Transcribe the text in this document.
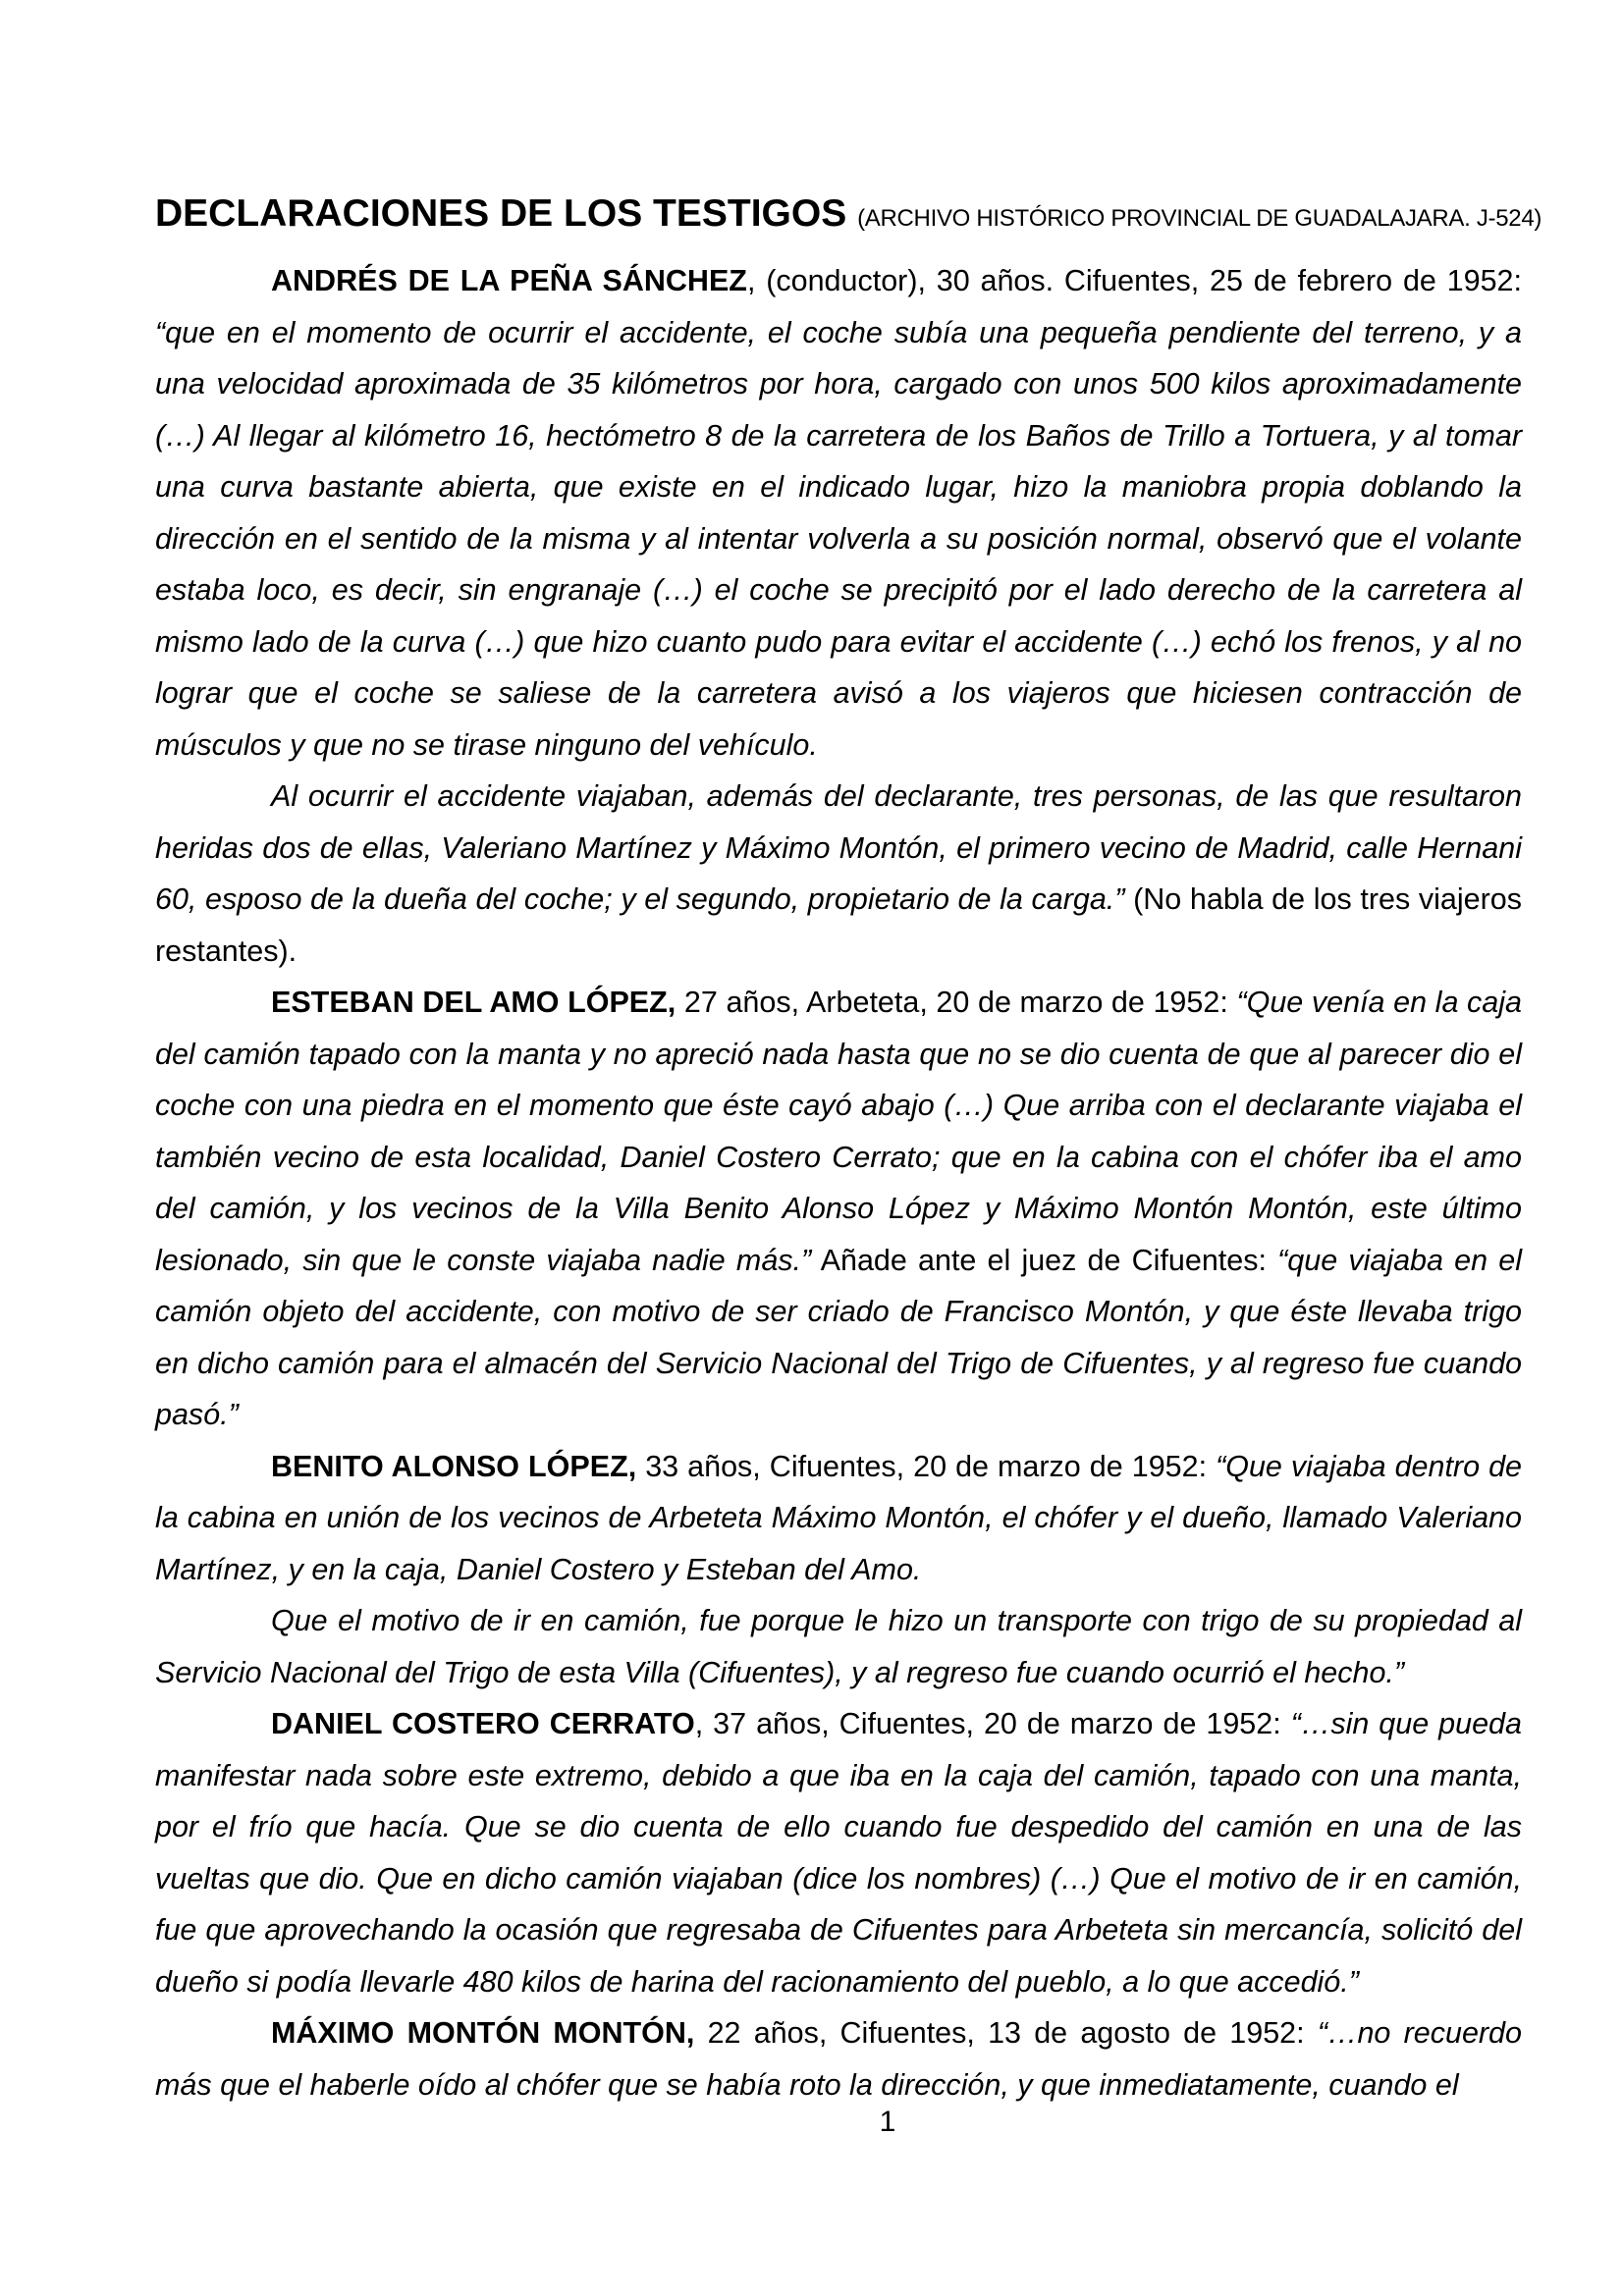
DECLARACIONES DE LOS TESTIGOS (ARCHIVO HISTÓRICO PROVINCIAL DE GUADALAJARA. J-524)

ANDRÉS DE LA PEÑA SÁNCHEZ, (conductor), 30 años. Cifuentes, 25 de febrero de 1952: “que en el momento de ocurrir el accidente, el coche subía una pequeña pendiente del terreno, y a una velocidad aproximada de 35 kilómetros por hora, cargado con unos 500 kilos aproximadamente (…) Al llegar al kilómetro 16, hectómetro 8 de la carretera de los Baños de Trillo a Tortuera, y al tomar una curva bastante abierta, que existe en el indicado lugar, hizo la maniobra propia doblando la dirección en el sentido de la misma y al intentar volverla a su posición normal, observó que el volante estaba loco, es decir, sin engranaje (…) el coche se precipitó por el lado derecho de la carretera al mismo lado de la curva (…) que hizo cuanto pudo para evitar el accidente (…) echó los frenos, y al no lograr que el coche se saliese de la carretera avisó a los viajeros que hiciesen contracción de músculos y que no se tirase ninguno del vehículo.

Al ocurrir el accidente viajaban, además del declarante, tres personas, de las que resultaron heridas dos de ellas, Valeriano Martínez y Máximo Montón, el primero vecino de Madrid, calle Hernani 60, esposo de la dueña del coche; y el segundo, propietario de la carga.” (No habla de los tres viajeros restantes).

ESTEBAN DEL AMO LÓPEZ, 27 años, Arbeteta, 20 de marzo de 1952: “Que venía en la caja del camión tapado con la manta y no apreció nada hasta que no se dio cuenta de que al parecer dio el coche con una piedra en el momento que éste cayó abajo (…) Que arriba con el declarante viajaba el también vecino de esta localidad, Daniel Costero Cerrato; que en la cabina con el chófer iba el amo del camión, y los vecinos de la Villa Benito Alonso López y Máximo Montón Montón, este último lesionado, sin que le conste viajaba nadie más.” Añade ante el juez de Cifuentes: “que viajaba en el camión objeto del accidente, con motivo de ser criado de Francisco Montón, y que éste llevaba trigo en dicho camión para el almacén del Servicio Nacional del Trigo de Cifuentes, y al regreso fue cuando pasó.”

BENITO ALONSO LÓPEZ, 33 años, Cifuentes, 20 de marzo de 1952: “Que viajaba dentro de la cabina en unión de los vecinos de Arbeteta Máximo Montón, el chófer y el dueño, llamado Valeriano Martínez, y en la caja, Daniel Costero y Esteban del Amo.

Que el motivo de ir en camión, fue porque le hizo un transporte con trigo de su propiedad al Servicio Nacional del Trigo de esta Villa (Cifuentes), y al regreso fue cuando ocurrió el hecho.”

DANIEL COSTERO CERRATO, 37 años, Cifuentes, 20 de marzo de 1952: “…sin que pueda manifestar nada sobre este extremo, debido a que iba en la caja del camión, tapado con una manta, por el frío que hacía. Que se dio cuenta de ello cuando fue despedido del camión en una de las vueltas que dio. Que en dicho camión viajaban (dice los nombres) (…) Que el motivo de ir en camión, fue que aprovechando la ocasión que regresaba de Cifuentes para Arbeteta sin mercancía, solicitó del dueño si podía llevarle 480 kilos de harina del racionamiento del pueblo, a lo que accedió.”

MÁXIMO MONTÓN MONTÓN, 22 años, Cifuentes, 13 de agosto de 1952: “…no recuerdo más que el haberle oído al chófer que se había roto la dirección, y que inmediatamente, cuando el

1
